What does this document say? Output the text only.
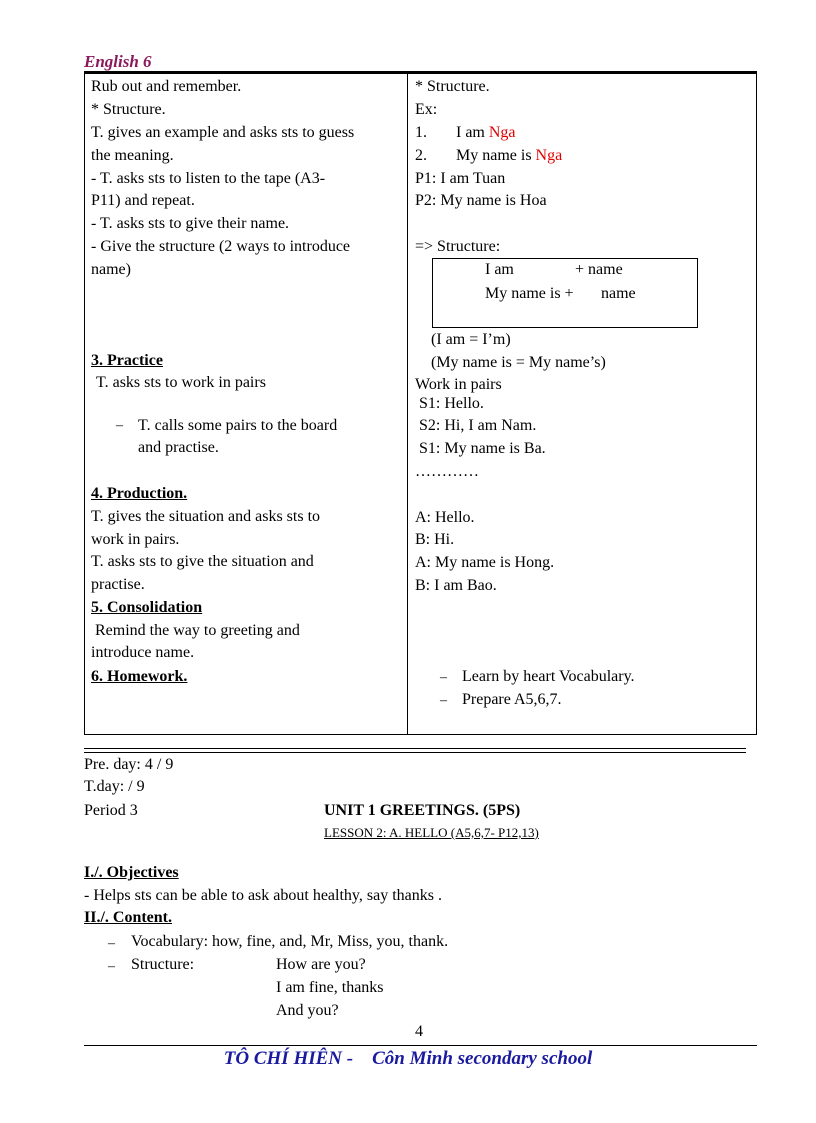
English 6
Rub out and remember.
* Structure.
T. gives an example and asks sts to guess
the meaning.
- T. asks sts to listen to the tape (A3-
P11) and repeat.
- T. asks sts to give their name.
- Give the structure (2 ways to introduce
name)
3. Practice
T. asks sts to work in pairs
‒ T. calls some pairs to the board
and practise.
4. Production.
T. gives the situation and asks sts to
work in pairs.
T. asks sts to give the situation and
practise.
5. Consolidation
Remind the way to greeting and
introduce name.
6. Homework.
* Structure.
Ex:
1. I am Nga
2. My name is Nga
P1: I am Tuan
P2: My name is Hoa
=> Structure:
I am	+ name
My name is + name
(I am = I’m)
(My name is = My name’s)
Work in pairs
S1: Hello.
S2: Hi, I am Nam.
S1: My name is Ba.
…………
A: Hello.
B: Hi.
A: My name is Hong.
B: I am Bao.
‒ Learn by heart Vocabulary.
‒ Prepare A5,6,7.
Pre. day: 4 / 9
T.day: / 9
Period 3	UNIT 1 GREETINGS. (5PS)
LESSON 2: A. HELLO (A5,6,7- P12,13)
I./. Objectives
- Helps sts can be able to ask about healthy, say thanks .
II./. Content.
‒ Vocabulary: how, fine, and, Mr, Miss, you, thank.
‒ Structure:	How are you?
I am fine, thanks
And you?
4
TÔ CHÍ HIÊN - Côn Minh secondary school
